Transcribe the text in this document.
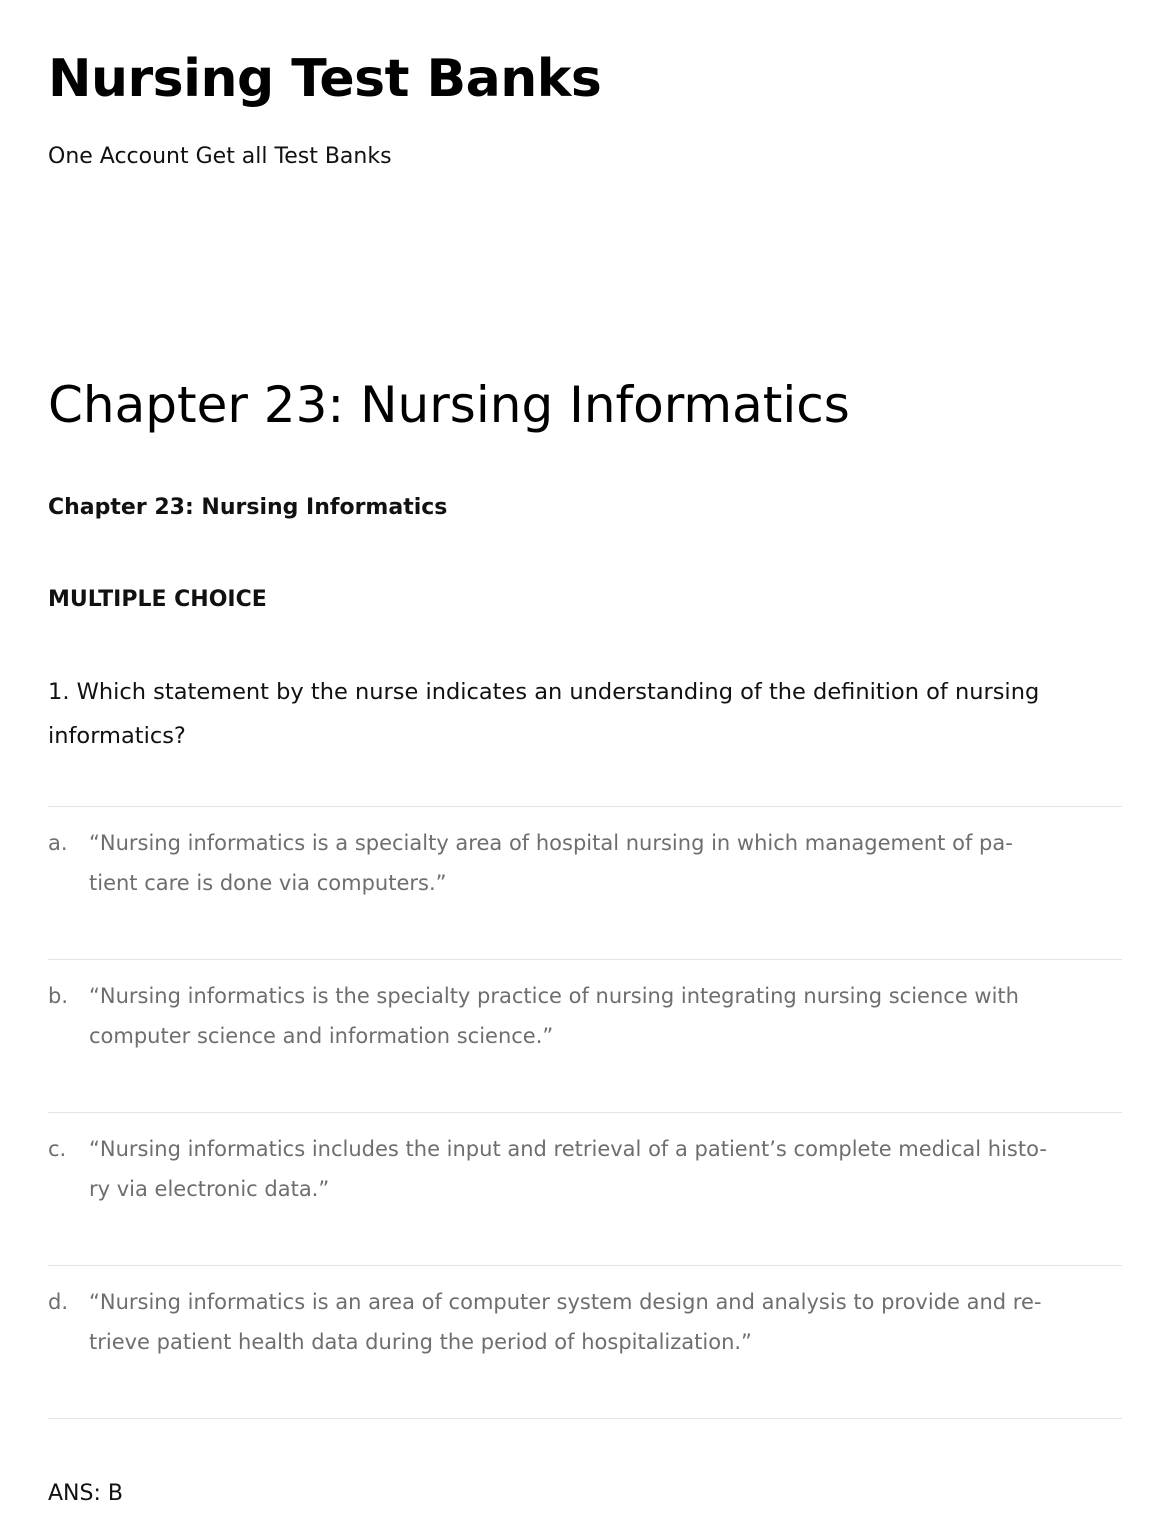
Nursing Test Banks

One Account Get all Test Banks

Chapter 23: Nursing Informatics

Chapter 23: Nursing Informatics

MULTIPLE CHOICE

1. Which statement by the nurse indicates an understanding of the definition of nursing informatics?

a. “Nursing informatics is a specialty area of hospital nursing in which management of pa-
tient care is done via computers.”
b. “Nursing informatics is the specialty practice of nursing integrating nursing science with
computer science and information science.”
c. “Nursing informatics includes the input and retrieval of a patient’s complete medical histo-
ry via electronic data.”
d. “Nursing informatics is an area of computer system design and analysis to provide and re-
trieve patient health data during the period of hospitalization.”

ANS: B
